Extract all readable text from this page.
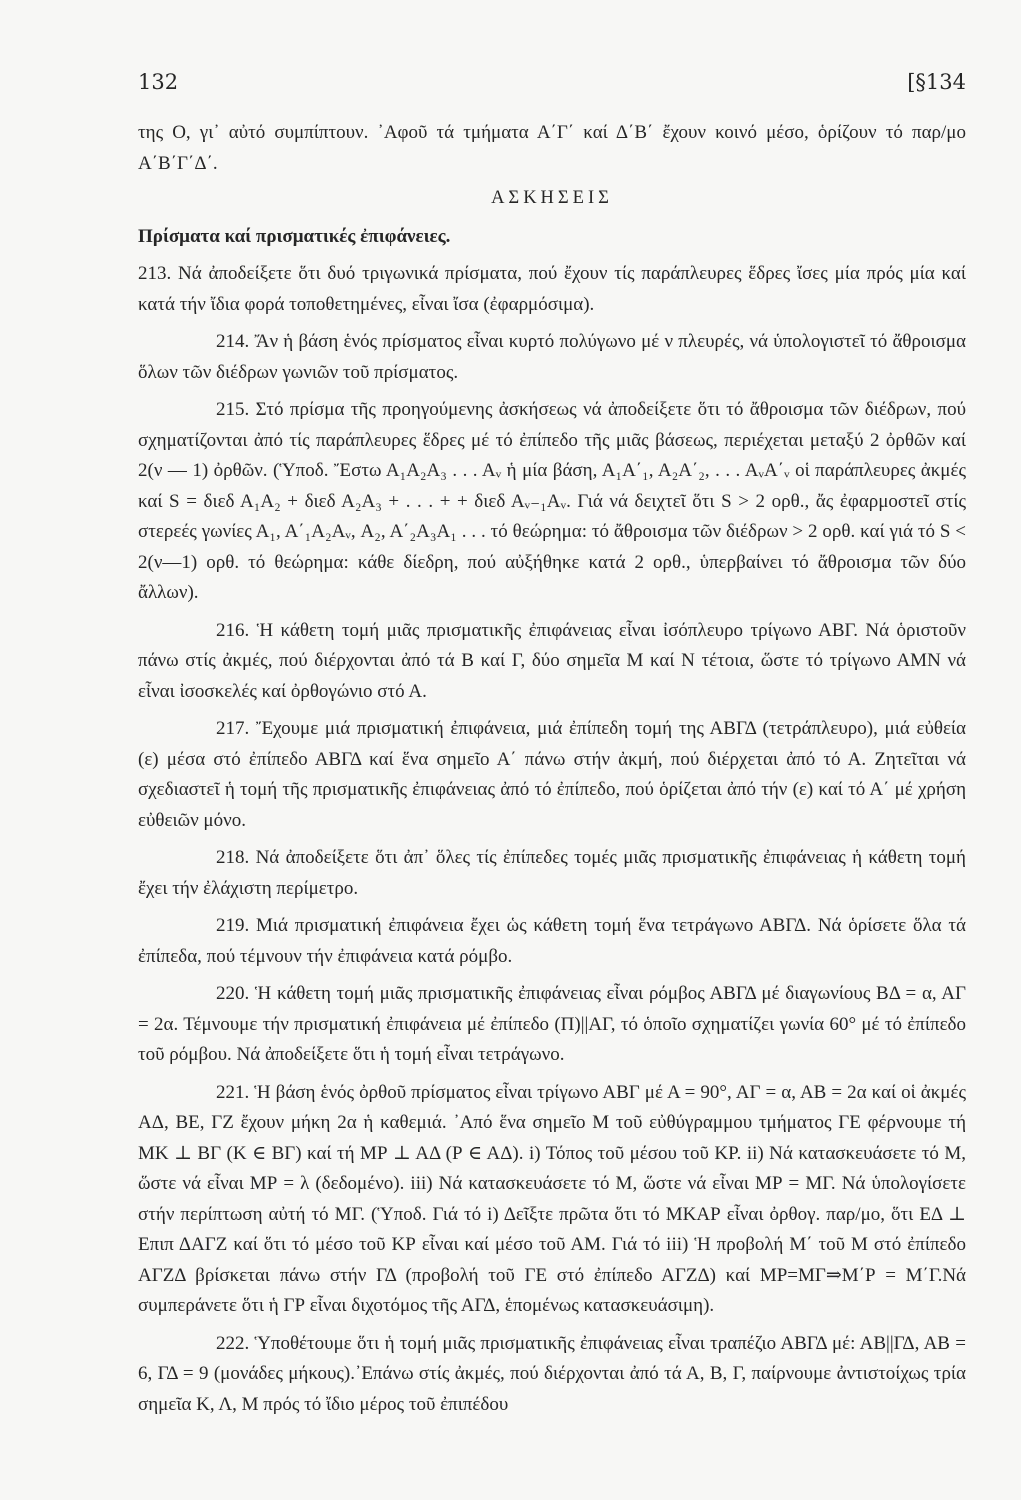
132	[§134

της Ο, γι᾽ αὐτό συμπίπτουν. ᾽Αφοῦ τά τμήματα Α΄Γ΄ καί Δ΄Β΄ ἔχουν κοινό μέσο, ὁρίζουν τό παρ/μο Α΄Β΄Γ΄Δ΄.

ΑΣΚΗΣΕΙΣ
Πρίσματα καί πρισματικές ἐπιφάνειες.

213. Νά ἀποδείξετε ὅτι δυό τριγωνικά πρίσματα, πού ἔχουν τίς παράπλευρες ἕδρες ἴσες μία πρός μία καί κατά τήν ἴδια φορά τοποθετημένες, εἶναι ἴσα (ἐφαρμόσιμα).

214. Ἄν ἡ βάση ἑνός πρίσματος εἶναι κυρτό πολύγωνο μέ ν πλευρές, νά ὑπολογιστεῖ τό ἄθροισμα ὅλων τῶν διέδρων γωνιῶν τοῦ πρίσματος.

215. Στό πρίσμα τῆς προηγούμενης ἀσκήσεως νά ἀποδείξετε ὅτι τό ἄθροισμα τῶν διέδρων, πού σχηματίζονται ἀπό τίς παράπλευρες ἕδρες μέ τό ἐπίπεδο τῆς μιᾶς βάσεως, περιέχεται μεταξύ 2 ὀρθῶν καί 2(ν — 1) ὀρθῶν. (Ὑποδ. Ἔστω Α₁Α₂Α₃ . . . Αᵥ ἡ μία βάση, Α₁Α΄₁, Α₂Α΄₂, . . . ΑᵥΑ΄ᵥ οἱ παράπλευρες ἀκμές καί S = διεδ Α₁Α₂ + διεδ Α₂Α₃ + . . . + + διεδ Αᵥ₋₁Αᵥ. Γιά νά δειχτεῖ ὅτι S > 2 ορθ., ἄς ἐφαρμοστεῖ στίς στερεές γωνίες Α₁, Α΄₁Α₂Αᵥ, Α₂, Α΄₂Α₃Α₁ . . . τό θεώρημα: τό ἄθροισμα τῶν διέδρων > 2 ορθ. καί γιά τό S < 2(ν—1) ορθ. τό θεώρημα: κάθε δίεδρη, πού αὐξήθηκε κατά 2 ορθ., ὑπερβαίνει τό ἄθροισμα τῶν δύο ἄλλων).

216. Ἡ κάθετη τομή μιᾶς πρισματικῆς ἐπιφάνειας εἶναι ἰσόπλευρο τρίγωνο ΑΒΓ. Νά ὁριστοῦν πάνω στίς ἀκμές, πού διέρχονται ἀπό τά Β καί Γ, δύο σημεῖα Μ καί Ν τέτοια, ὥστε τό τρίγωνο ΑΜΝ νά εἶναι ἰσοσκελές καί ὀρθογώνιο στό Α.

217. Ἔχουμε μιά πρισματική ἐπιφάνεια, μιά ἐπίπεδη τομή της ΑΒΓΔ (τετράπλευρο), μιά εὐθεία (ε) μέσα στό ἐπίπεδο ΑΒΓΔ καί ἕνα σημεῖο Α΄ πάνω στήν ἀκμή, πού διέρχεται ἀπό τό Α. Ζητεῖται νά σχεδιαστεῖ ἡ τομή τῆς πρισματικῆς ἐπιφάνειας ἀπό τό ἐπίπεδο, πού ὁρίζεται ἀπό τήν (ε) καί τό Α΄ μέ χρήση εὐθειῶν μόνο.

218. Νά ἀποδείξετε ὅτι ἀπ᾽ ὅλες τίς ἐπίπεδες τομές μιᾶς πρισματικῆς ἐπιφάνειας ἡ κάθετη τομή ἔχει τήν ἐλάχιστη περίμετρο.

219. Μιά πρισματική ἐπιφάνεια ἔχει ὡς κάθετη τομή ἕνα τετράγωνο ΑΒΓΔ. Νά ὁρίσετε ὅλα τά ἐπίπεδα, πού τέμνουν τήν ἐπιφάνεια κατά ρόμβο.

220. Ἡ κάθετη τομή μιᾶς πρισματικῆς ἐπιφάνειας εἶναι ρόμβος ΑΒΓΔ μέ διαγωνίους ΒΔ = α, ΑΓ = 2α. Τέμνουμε τήν πρισματική ἐπιφάνεια μέ ἐπίπεδο (Π)||ΑΓ, τό ὁποῖο σχηματίζει γωνία 60° μέ τό ἐπίπεδο τοῦ ρόμβου. Νά ἀποδείξετε ὅτι ἡ τομή εἶναι τετράγωνο.

221. Ἡ βάση ἑνός ὀρθοῦ πρίσματος εἶναι τρίγωνο ΑΒΓ μέ Α = 90°, ΑΓ = α, ΑΒ = 2α καί οἱ ἀκμές ΑΔ, ΒΕ, ΓΖ ἔχουν μήκη 2α ἡ καθεμιά. ᾽Από ἕνα σημεῖο Μ τοῦ εὐθύγραμμου τμήματος ΓΕ φέρνουμε τή ΜΚ ⊥ ΒΓ (Κ ∈ ΒΓ) καί τή ΜΡ ⊥ ΑΔ (Ρ ∈ ΑΔ). i) Τόπος τοῦ μέσου τοῦ ΚΡ. ii) Νά κατασκευάσετε τό Μ, ὥστε νά εἶναι ΜΡ = λ (δεδομένο). iii) Νά κατασκευάσετε τό Μ, ὥστε νά εἶναι ΜΡ = ΜΓ. Νά ὑπολογίσετε στήν περίπτωση αὐτή τό ΜΓ. (Ὑποδ. Γιά τό i) Δεῖξτε πρῶτα ὅτι τό ΜΚΑΡ εἶναι ὀρθογ. παρ/μο, ὅτι ΕΔ ⊥ Επιπ ΔΑΓΖ καί ὅτι τό μέσο τοῦ ΚΡ εἶναι καί μέσο τοῦ ΑΜ. Γιά τό iii) Ἡ προβολή Μ΄ τοῦ Μ στό ἐπίπεδο ΑΓΖΔ βρίσκεται πάνω στήν ΓΔ (προβολή τοῦ ΓΕ στό ἐπίπεδο ΑΓΖΔ) καί ΜΡ=ΜΓ⇒Μ΄Ρ = Μ΄Γ.Νά συμπεράνετε ὅτι ἡ ΓΡ εἶναι διχοτόμος τῆς ΑΓΔ, ἑπομένως κατασκευάσιμη).

222. Ὑποθέτουμε ὅτι ἡ τομή μιᾶς πρισματικῆς ἐπιφάνειας εἶναι τραπέζιο ΑΒΓΔ μέ: ΑΒ||ΓΔ, ΑΒ = 6, ΓΔ = 9 (μονάδες μήκους).᾽Επάνω στίς ἀκμές, πού διέρχονται ἀπό τά Α, Β, Γ, παίρνουμε ἀντιστοίχως τρία σημεῖα Κ, Λ, Μ πρός τό ἴδιο μέρος τοῦ ἐπιπέδου
